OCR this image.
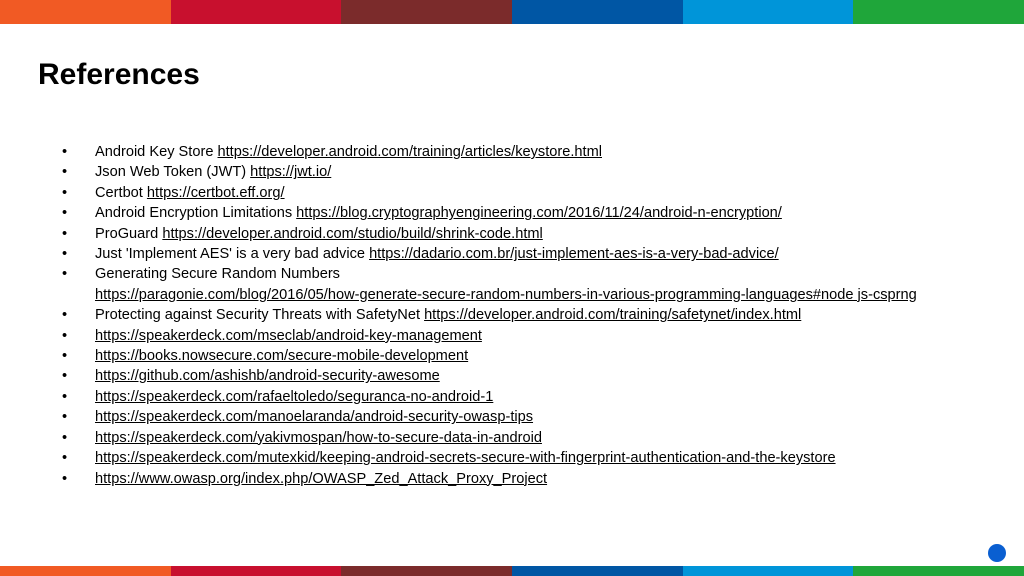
References
• Android Key Store https://developer.android.com/training/articles/keystore.html
• Json Web Token (JWT) https://jwt.io/
• Certbot https://certbot.eff.org/
• Android Encryption Limitations https://blog.cryptographyengineering.com/2016/11/24/android-n-encryption/
• ProGuard https://developer.android.com/studio/build/shrink-code.html
• Just 'Implement AES' is a very bad advice https://dadario.com.br/just-implement-aes-is-a-very-bad-advice/
• Generating Secure Random Numbers
https://paragonie.com/blog/2016/05/how-generate-secure-random-numbers-in-various-programming-languages#node js-csprng
• Protecting against Security Threats with SafetyNet https://developer.android.com/training/safetynet/index.html
• https://speakerdeck.com/mseclab/android-key-management
• https://books.nowsecure.com/secure-mobile-development
• https://github.com/ashishb/android-security-awesome
• https://speakerdeck.com/rafaeltoledo/seguranca-no-android-1
• https://speakerdeck.com/manoelaranda/android-security-owasp-tips
• https://speakerdeck.com/yakivmospan/how-to-secure-data-in-android
• https://speakerdeck.com/mutexkid/keeping-android-secrets-secure-with-fingerprint-authentication-and-the-keystore
• https://www.owasp.org/index.php/OWASP_Zed_Attack_Proxy_Project
